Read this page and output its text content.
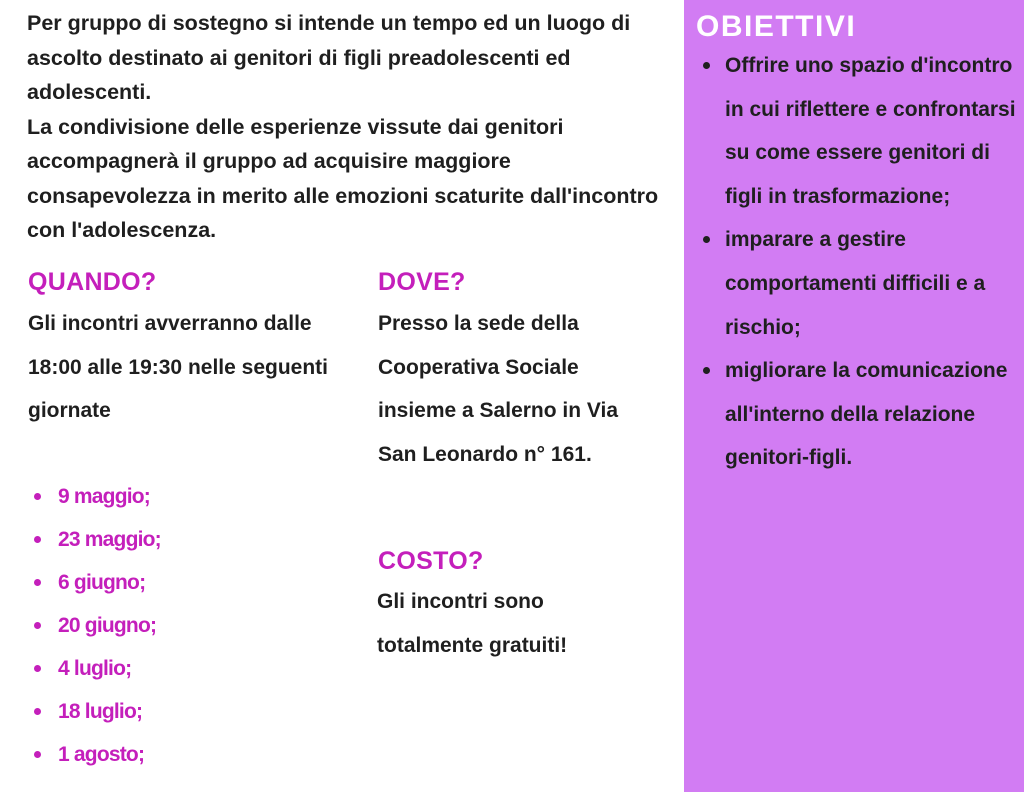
Per gruppo di sostegno si intende un tempo ed un luogo di ascolto destinato ai genitori di figli preadolescenti ed adolescenti.

La condivisione delle esperienze vissute dai genitori accompagnerà il gruppo ad acquisire maggiore consapevolezza in merito alle emozioni scaturite dall'incontro con l'adolescenza.

QUANDO?

Gli incontri avverranno dalle 18:00 alle 19:30 nelle seguenti giornate

9 maggio;
23 maggio;
6 giugno;
20 giugno;
4 luglio;
18 luglio;
1 agosto;
DOVE?

Presso la sede della Cooperativa Sociale insieme a Salerno in Via San Leonardo n° 161.

COSTO?

Gli incontri sono totalmente gratuiti!

OBIETTIVI
Offrire uno spazio d'incontro in cui riflettere e confrontarsi su come essere genitori di figli in trasformazione;
imparare a gestire comportamenti difficili e a rischio;
migliorare la comunicazione all'interno della relazione genitori-figli.
